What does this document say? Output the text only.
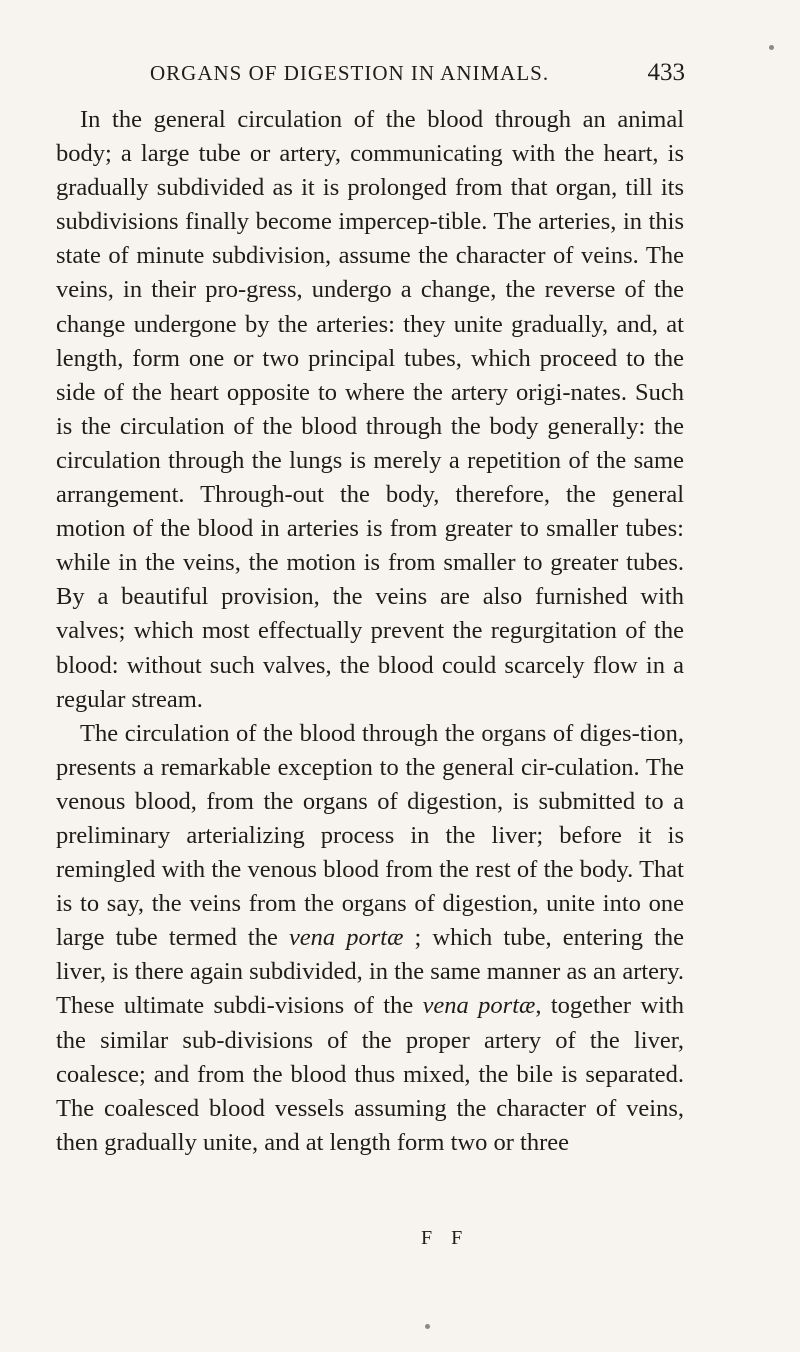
ORGANS OF DIGESTION IN ANIMALS.	433

In the general circulation of the blood through an animal body; a large tube or artery, communicating with the heart, is gradually subdivided as it is prolonged from that organ, till its subdivisions finally become impercep-tible. The arteries, in this state of minute subdivision, assume the character of veins. The veins, in their pro-gress, undergo a change, the reverse of the change undergone by the arteries: they unite gradually, and, at length, form one or two principal tubes, which proceed to the side of the heart opposite to where the artery origi-nates. Such is the circulation of the blood through the body generally: the circulation through the lungs is merely a repetition of the same arrangement. Through-out the body, therefore, the general motion of the blood in arteries is from greater to smaller tubes: while in the veins, the motion is from smaller to greater tubes. By a beautiful provision, the veins are also furnished with valves; which most effectually prevent the regurgitation of the blood: without such valves, the blood could scarcely flow in a regular stream.

The circulation of the blood through the organs of diges-tion, presents a remarkable exception to the general cir-culation. The venous blood, from the organs of digestion, is submitted to a preliminary arterializing process in the liver; before it is remingled with the venous blood from the rest of the body. That is to say, the veins from the organs of digestion, unite into one large tube termed the vena portæ ; which tube, entering the liver, is there again subdivided, in the same manner as an artery. These ultimate subdi-visions of the vena portæ, together with the similar sub-divisions of the proper artery of the liver, coalesce; and from the blood thus mixed, the bile is separated. The coalesced blood vessels assuming the character of veins, then gradually unite, and at length form two or three

F F
